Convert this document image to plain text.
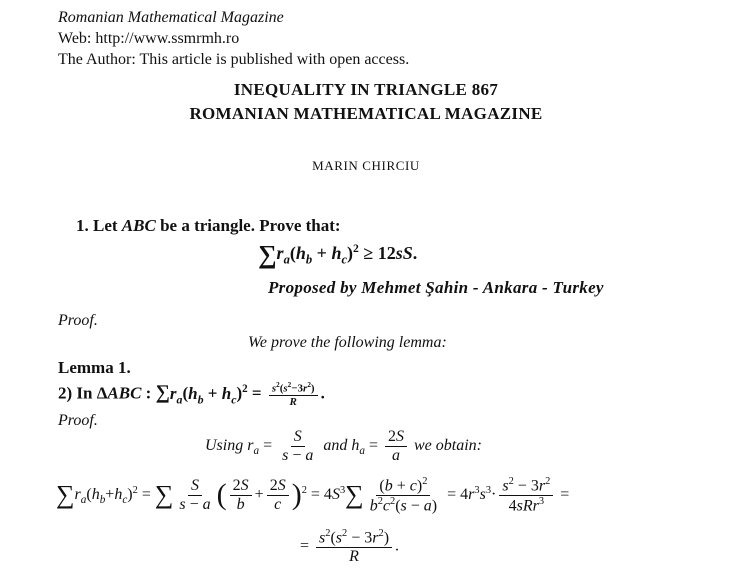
Romanian Mathematical Magazine
Web: http://www.ssmrmh.ro
The Author: This article is published with open access.
INEQUALITY IN TRIANGLE 867
ROMANIAN MATHEMATICAL MAGAZINE
MARIN CHIRCIU
1. Let ABC be a triangle. Prove that:
$\sum r_a(h_b + h_c)^2 \ge 12sS$.
Proposed by Mehmet Şahin - Ankara - Turkey
Proof.
We prove the following lemma:
Lemma 1.
2) In ΔABC : $\sum r_a(h_b + h_c)^2 = \frac{s^2(s^2-3r^2)}{R}$ .
Proof.
Using $r_a = \frac{S}{s - a}$ and $h_a = \frac{2S}{a}$ we obtain:
$\sum r_a(h_b+h_c)^2$ = ∑ $\frac{S}{s - a}$ ( $\frac{2S}{b} + \frac{2S}{c} )^2 = 4S^3\sum \frac{(b + c)^2}{b^2c^2(s - a)} = 4r^3s^3\cdot \frac{s^2 - 3r^2}{4sRr^3}$ =
= $\frac{s^2(s^2 - 3r^2)}{R}$ .
